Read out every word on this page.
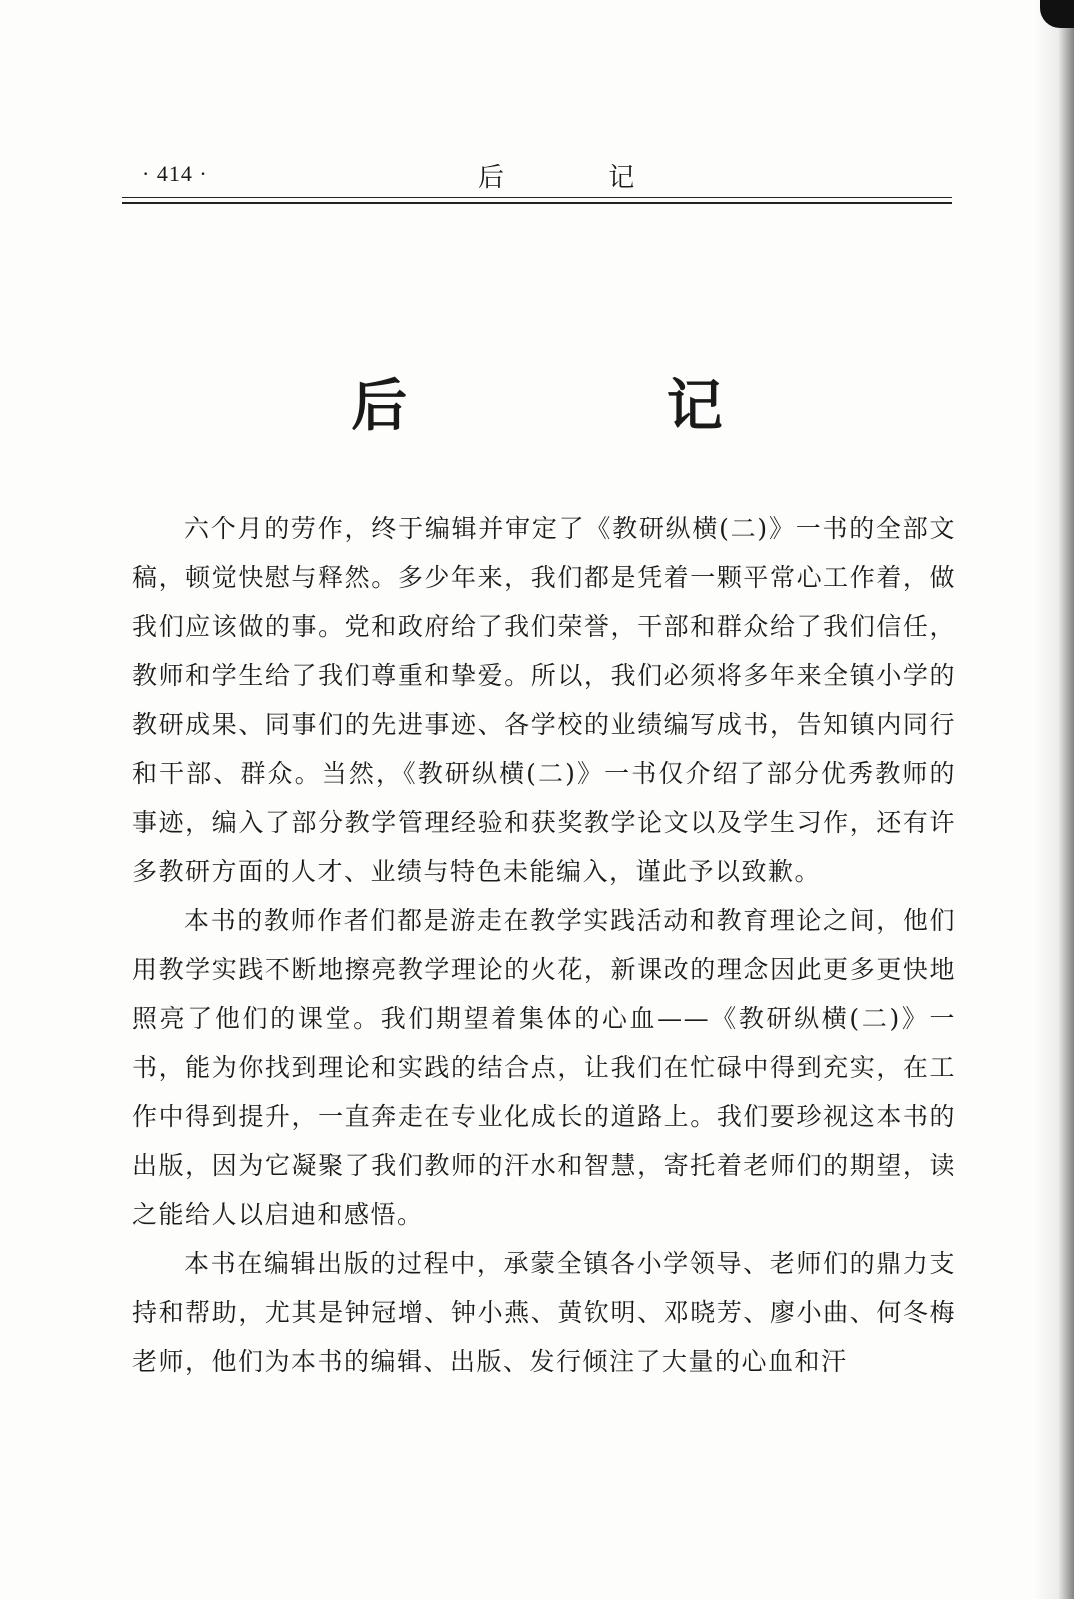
· 414 ·	后 记
后 记

六个月的劳作，终于编辑并审定了《教研纵横(二)》一书的全部文稿，顿觉快慰与释然。多少年来，我们都是凭着一颗平常心工作着，做我们应该做的事。党和政府给了我们荣誉，干部和群众给了我们信任，教师和学生给了我们尊重和挚爱。所以，我们必须将多年来全镇小学的教研成果、同事们的先进事迹、各学校的业绩编写成书，告知镇内同行和干部、群众。当然，《教研纵横(二)》一书仅介绍了部分优秀教师的事迹，编入了部分教学管理经验和获奖教学论文以及学生习作，还有许多教研方面的人才、业绩与特色未能编入，谨此予以致歉。

本书的教师作者们都是游走在教学实践活动和教育理论之间，他们用教学实践不断地擦亮教学理论的火花，新课改的理念因此更多更快地照亮了他们的课堂。我们期望着集体的心血——《教研纵横(二)》一书，能为你找到理论和实践的结合点，让我们在忙碌中得到充实，在工作中得到提升，一直奔走在专业化成长的道路上。我们要珍视这本书的出版，因为它凝聚了我们教师的汗水和智慧，寄托着老师们的期望，读之能给人以启迪和感悟。

本书在编辑出版的过程中，承蒙全镇各小学领导、老师们的鼎力支持和帮助，尤其是钟冠增、钟小燕、黄钦明、邓晓芳、廖小曲、何冬梅老师，他们为本书的编辑、出版、发行倾注了大量的心血和汗
